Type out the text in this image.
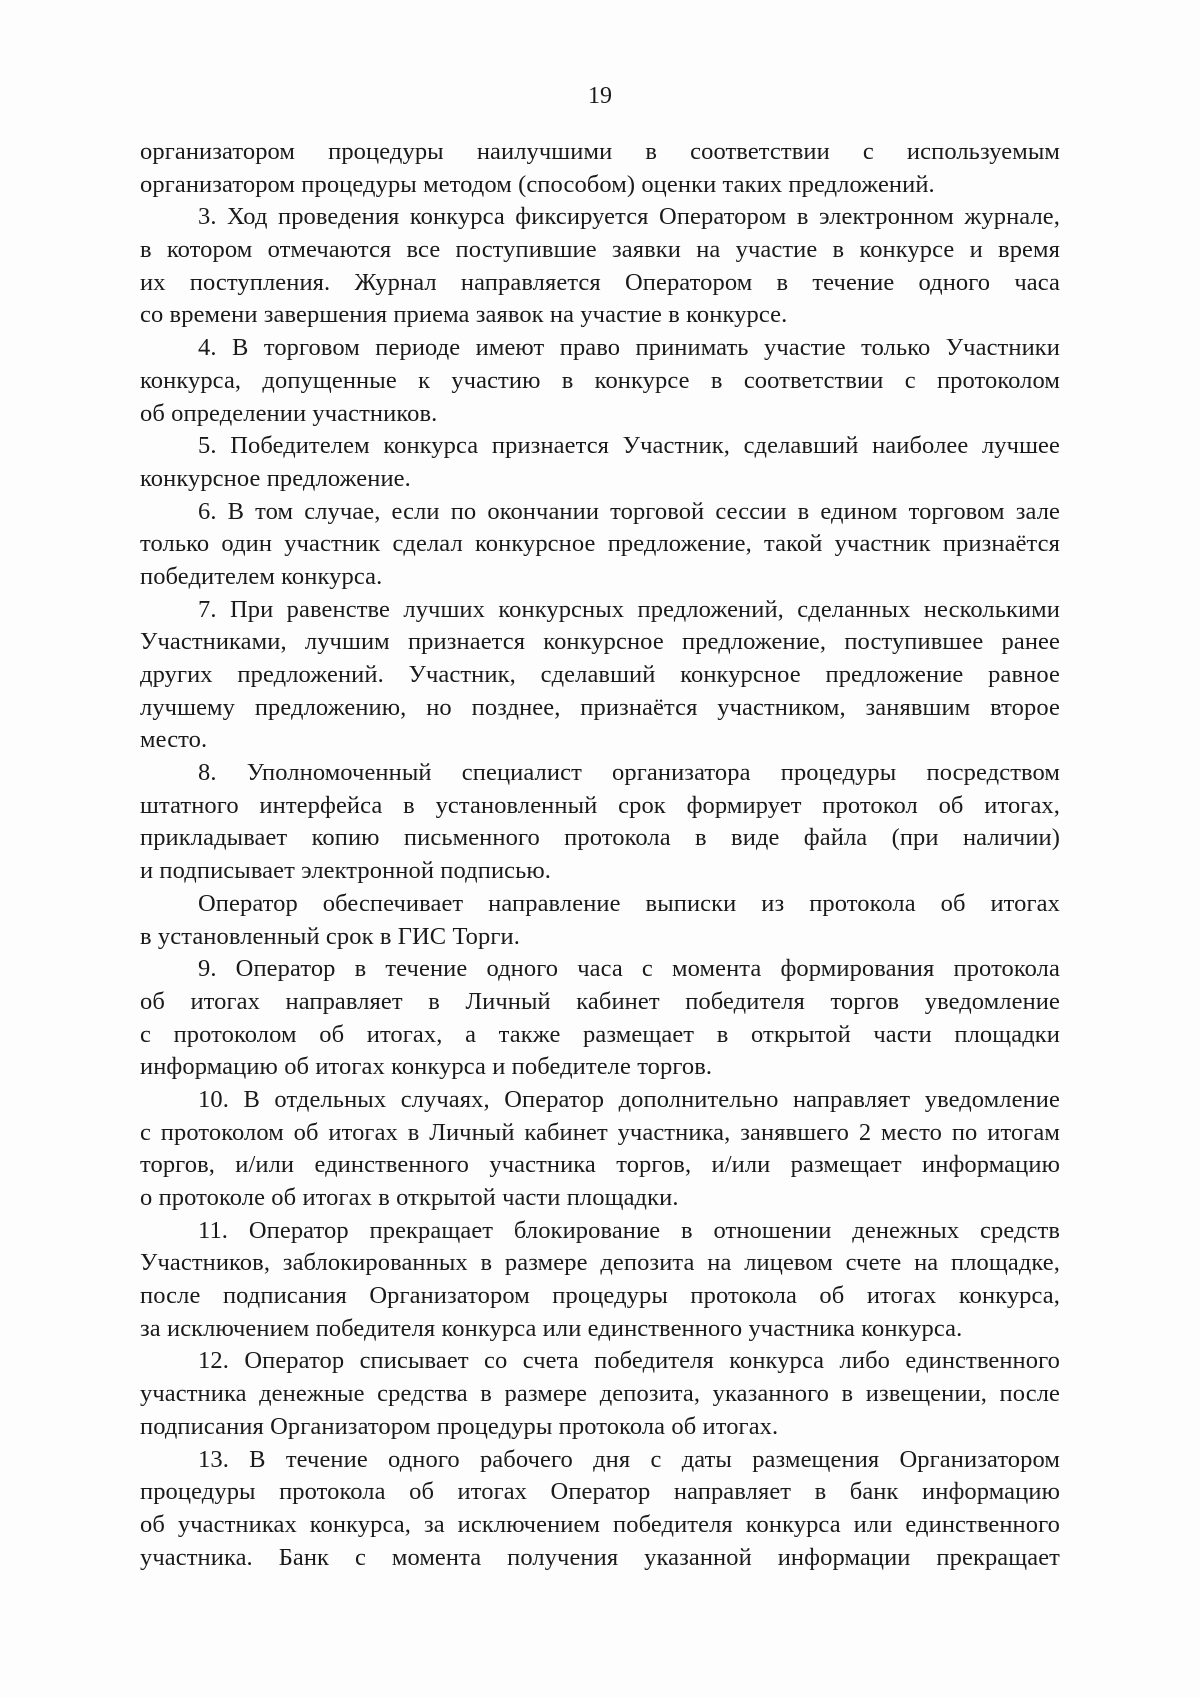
19
организатором процедуры наилучшими в соответствии с используемым
организатором процедуры методом (способом) оценки таких предложений.
3. Ход проведения конкурса фиксируется Оператором в электронном журнале,
в котором отмечаются все поступившие заявки на участие в конкурсе и время
их поступления. Журнал направляется Оператором в течение одного часа
со времени завершения приема заявок на участие в конкурсе.
4. В торговом периоде имеют право принимать участие только Участники
конкурса, допущенные к участию в конкурсе в соответствии с протоколом
об определении участников.
5. Победителем конкурса признается Участник, сделавший наиболее лучшее
конкурсное предложение.
6. В том случае, если по окончании торговой сессии в едином торговом зале
только один участник сделал конкурсное предложение, такой участник признаётся
победителем конкурса.
7. При равенстве лучших конкурсных предложений, сделанных несколькими
Участниками, лучшим признается конкурсное предложение, поступившее ранее
других предложений. Участник, сделавший конкурсное предложение равное
лучшему предложению, но позднее, признаётся участником, занявшим второе
место.
8. Уполномоченный специалист организатора процедуры посредством
штатного интерфейса в установленный срок формирует протокол об итогах,
прикладывает копию письменного протокола в виде файла (при наличии)
и подписывает электронной подписью.
Оператор обеспечивает направление выписки из протокола об итогах
в установленный срок в ГИС Торги.
9. Оператор в течение одного часа с момента формирования протокола
об итогах направляет в Личный кабинет победителя торгов уведомление
с протоколом об итогах, а также размещает в открытой части площадки
информацию об итогах конкурса и победителе торгов.
10. В отдельных случаях, Оператор дополнительно направляет уведомление
с протоколом об итогах в Личный кабинет участника, занявшего 2 место по итогам
торгов, и/или единственного участника торгов, и/или размещает информацию
о протоколе об итогах в открытой части площадки.
11. Оператор прекращает блокирование в отношении денежных средств
Участников, заблокированных в размере депозита на лицевом счете на площадке,
после подписания Организатором процедуры протокола об итогах конкурса,
за исключением победителя конкурса или единственного участника конкурса.
12. Оператор списывает со счета победителя конкурса либо единственного
участника денежные средства в размере депозита, указанного в извещении, после
подписания Организатором процедуры протокола об итогах.
13. В течение одного рабочего дня с даты размещения Организатором
процедуры протокола об итогах Оператор направляет в банк информацию
об участниках конкурса, за исключением победителя конкурса или единственного
участника. Банк с момента получения указанной информации прекращает
